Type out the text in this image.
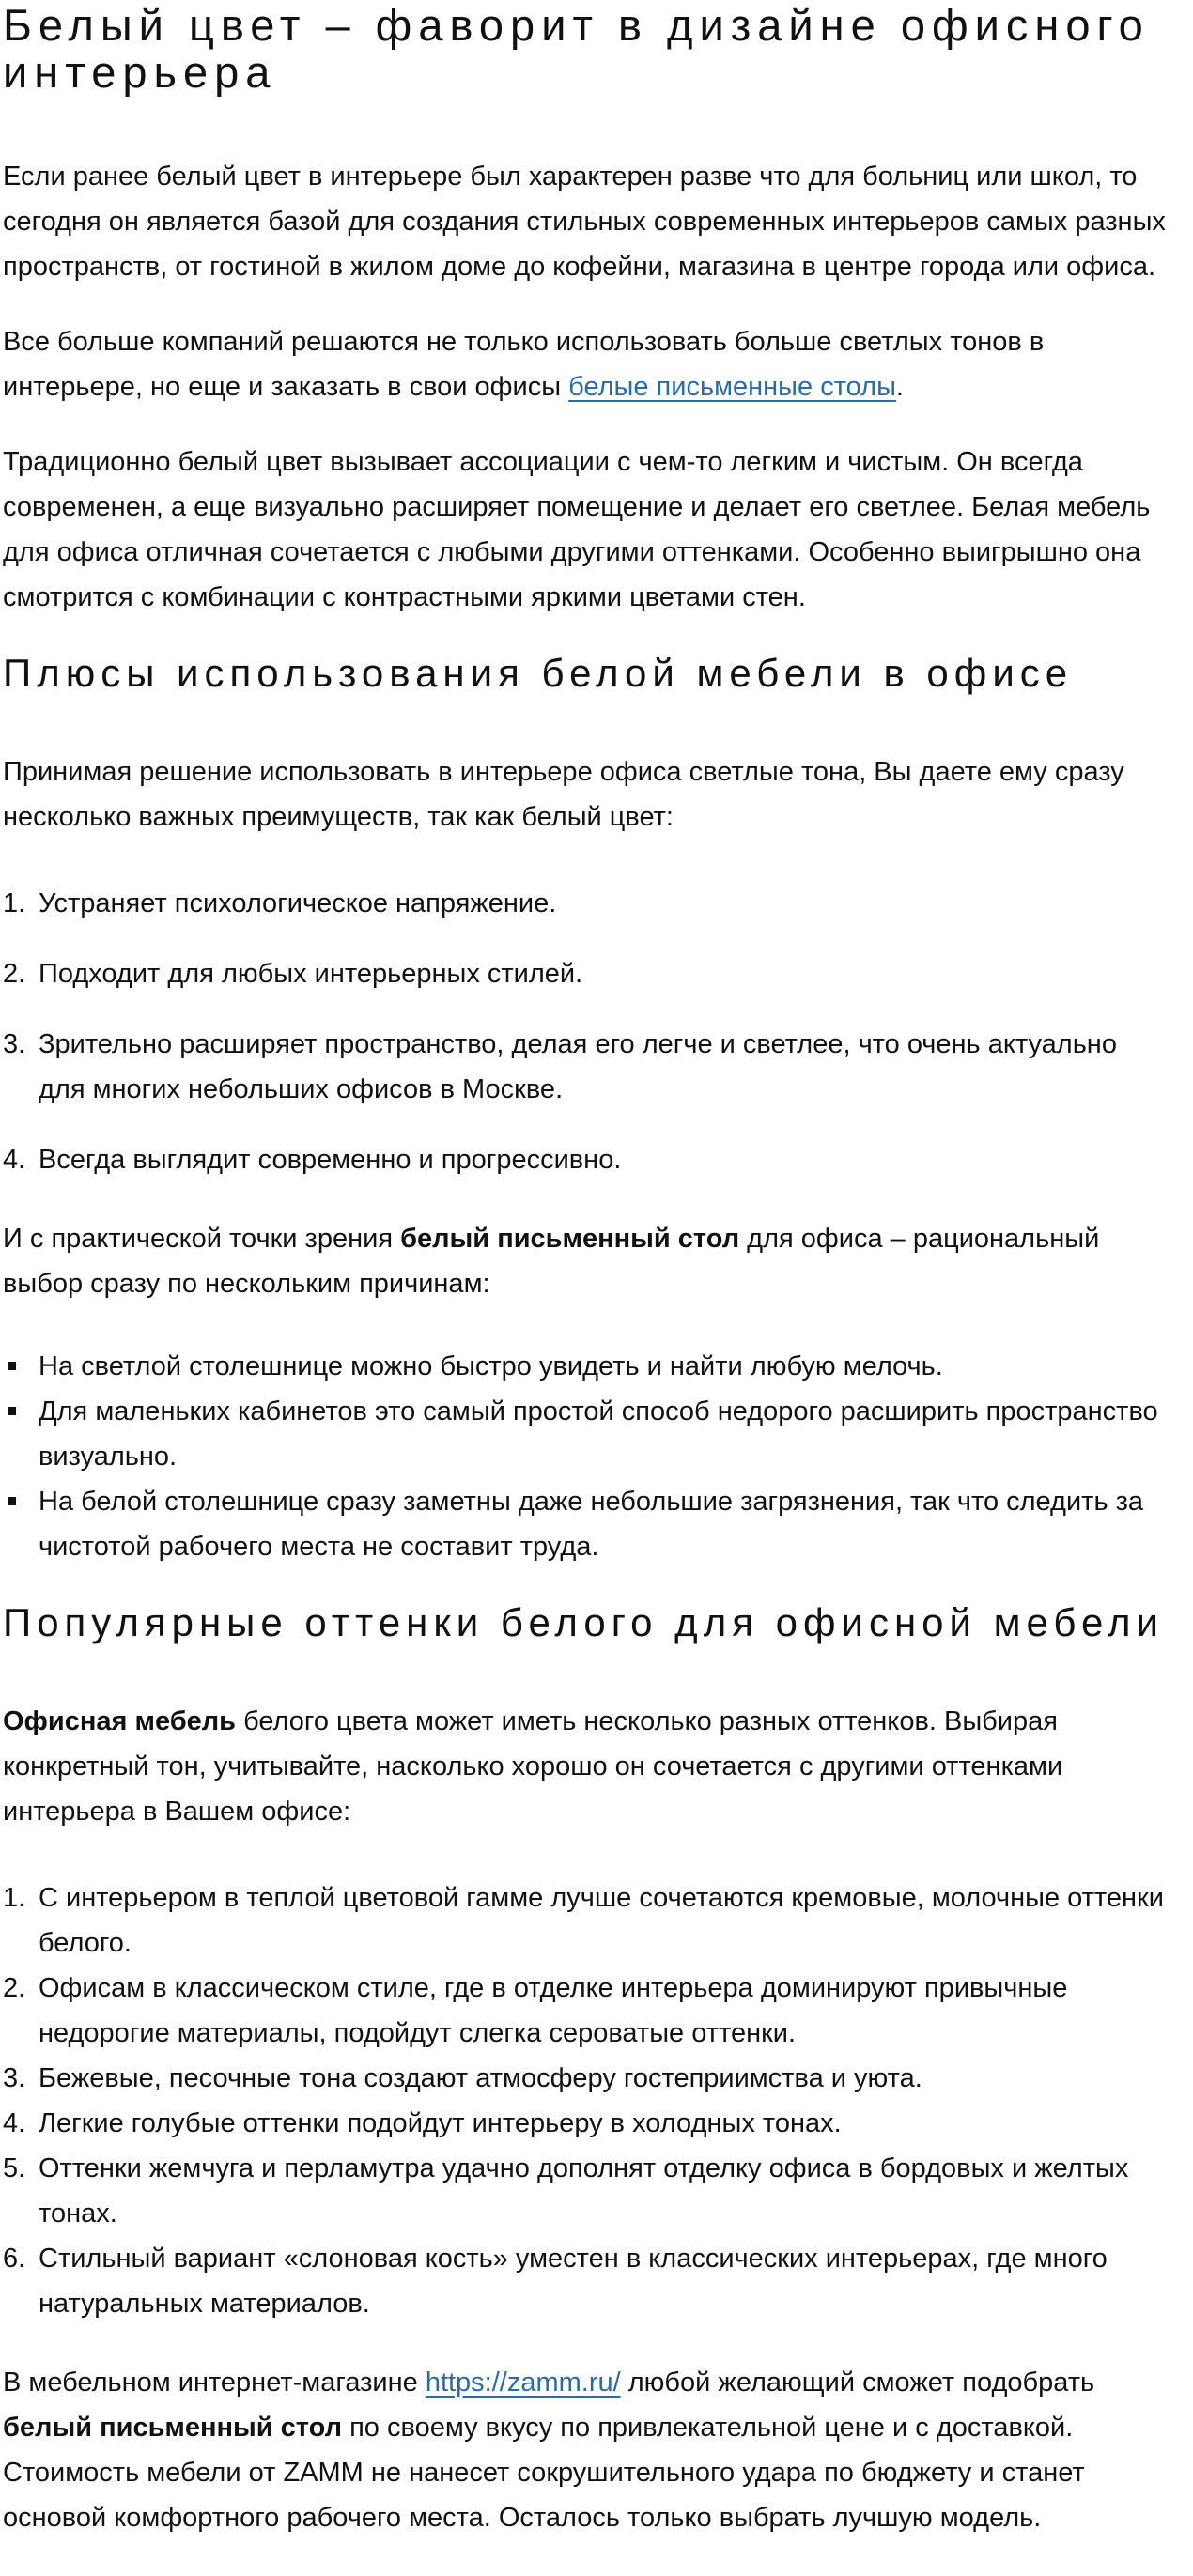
Белый цвет – фаворит в дизайне офисного интерьера

Если ранее белый цвет в интерьере был характерен разве что для больниц или школ, то сегодня он является базой для создания стильных современных интерьеров самых разных пространств, от гостиной в жилом доме до кофейни, магазина в центре города или офиса.

Все больше компаний решаются не только использовать больше светлых тонов в интерьере, но еще и заказать в свои офисы белые письменные столы.

Традиционно белый цвет вызывает ассоциации с чем-то легким и чистым. Он всегда современен, а еще визуально расширяет помещение и делает его светлее. Белая мебель для офиса отличная сочетается с любыми другими оттенками. Особенно выигрышно она смотрится с комбинации с контрастными яркими цветами стен.

Плюсы использования белой мебели в офисе

Принимая решение использовать в интерьере офиса светлые тона, Вы даете ему сразу несколько важных преимуществ, так как белый цвет:

Устраняет психологическое напряжение.
Подходит для любых интерьерных стилей.
Зрительно расширяет пространство, делая его легче и светлее, что очень актуально для многих небольших офисов в Москве.
Всегда выглядит современно и прогрессивно.

И с практической точки зрения белый письменный стол для офиса – рациональный выбор сразу по нескольким причинам:

На светлой столешнице можно быстро увидеть и найти любую мелочь.
Для маленьких кабинетов это самый простой способ недорого расширить пространство визуально.
На белой столешнице сразу заметны даже небольшие загрязнения, так что следить за чистотой рабочего места не составит труда.
Популярные оттенки белого для офисной мебели

Офисная мебель белого цвета может иметь несколько разных оттенков. Выбирая конкретный тон, учитывайте, насколько хорошо он сочетается с другими оттенками интерьера в Вашем офисе:

С интерьером в теплой цветовой гамме лучше сочетаются кремовые, молочные оттенки белого.
Офисам в классическом стиле, где в отделке интерьера доминируют привычные недорогие материалы, подойдут слегка сероватые оттенки.
Бежевые, песочные тона создают атмосферу гостеприимства и уюта.
Легкие голубые оттенки подойдут интерьеру в холодных тонах.
Оттенки жемчуга и перламутра удачно дополнят отделку офиса в бордовых и желтых тонах.
Стильный вариант «слоновая кость» уместен в классических интерьерах, где много натуральных материалов.

В мебельном интернет-магазине https://zamm.ru/ любой желающий сможет подобрать белый письменный стол по своему вкусу по привлекательной цене и с доставкой. Стоимость мебели от ZAMM не нанесет сокрушительного удара по бюджету и станет основой комфортного рабочего места. Осталось только выбрать лучшую модель.
